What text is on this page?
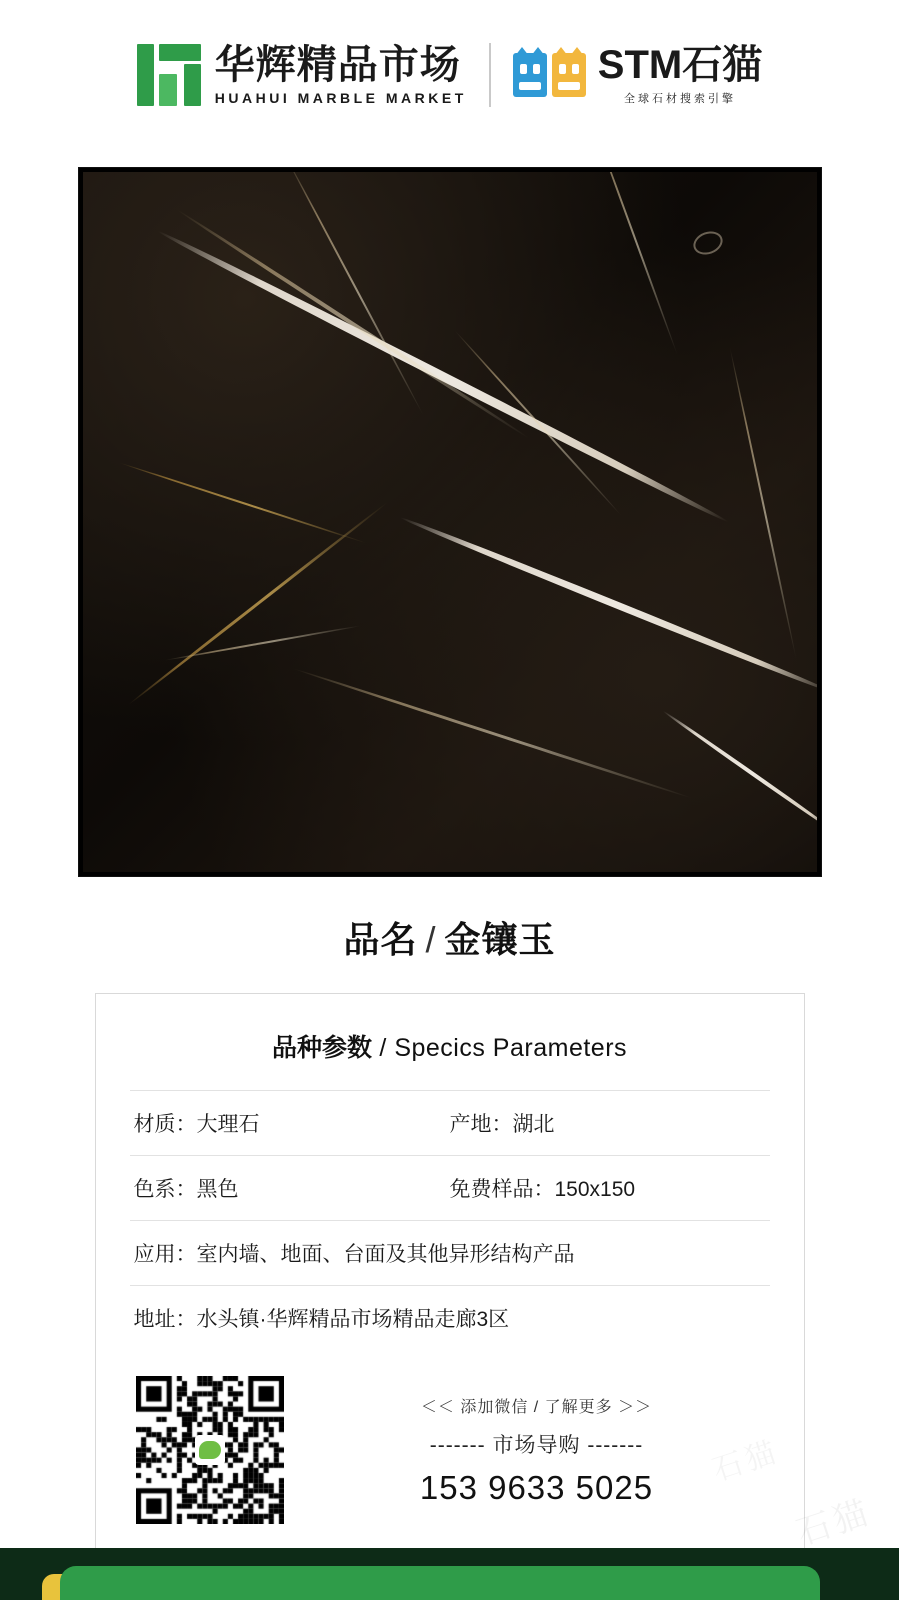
华辉精品市场
HUAHUI MARBLE MARKET
STM石猫
全球石材搜索引擎
品名 / 金镶玉
品种参数 / Specics Parameters
材质：大理石	产地：湖北
色系：黑色	免费样品：150x150
应用：室内墙、地面、台面及其他异形结构产品
地址：水头镇·华辉精品市场精品走廊3区
＜＜ 添加微信 / 了解更多 ＞＞
------- 市场导购 -------
153 9633 5025
石猫
